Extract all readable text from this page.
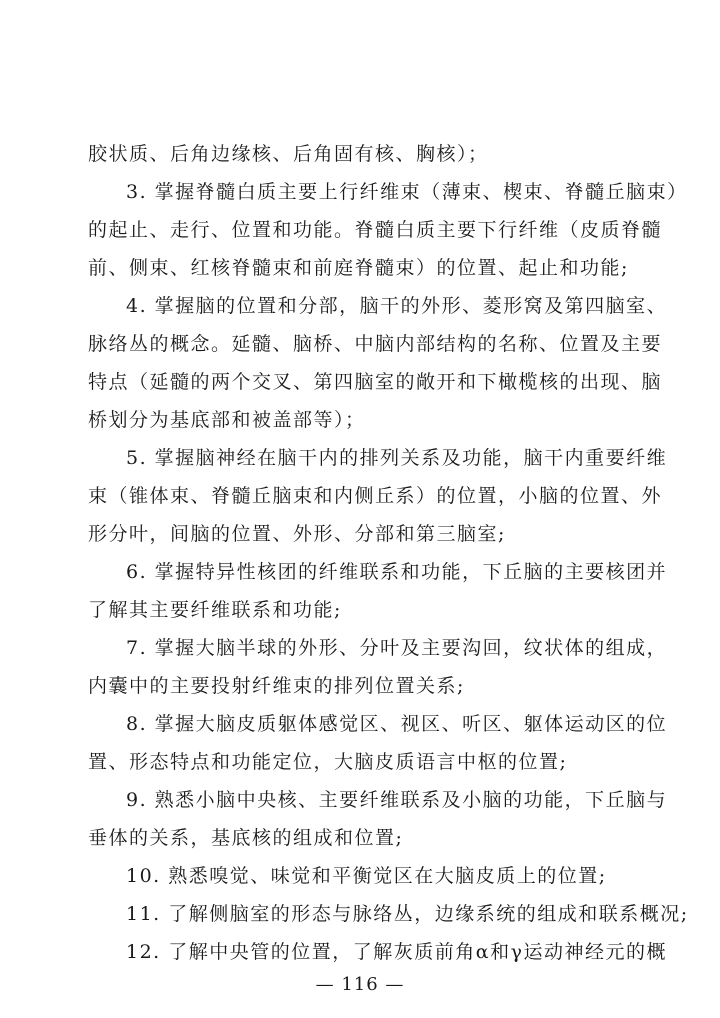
胶状质、后角边缘核、后角固有核、胸核）；
3. 掌握脊髓白质主要上行纤维束（薄束、楔束、脊髓丘脑束）
的起止、走行、位置和功能。脊髓白质主要下行纤维（皮质脊髓
前、侧束、红核脊髓束和前庭脊髓束）的位置、起止和功能;
4. 掌握脑的位置和分部，脑干的外形、菱形窝及第四脑室、
脉络丛的概念。延髓、脑桥、中脑内部结构的名称、位置及主要
特点（延髓的两个交叉、第四脑室的敞开和下橄榄核的出现、脑
桥划分为基底部和被盖部等）；
5. 掌握脑神经在脑干内的排列关系及功能，脑干内重要纤维
束（锥体束、脊髓丘脑束和内侧丘系）的位置，小脑的位置、外
形分叶，间脑的位置、外形、分部和第三脑室;
6. 掌握特异性核团的纤维联系和功能，下丘脑的主要核团并
了解其主要纤维联系和功能;
7. 掌握大脑半球的外形、分叶及主要沟回，纹状体的组成，
内囊中的主要投射纤维束的排列位置关系;
8. 掌握大脑皮质躯体感觉区、视区、听区、躯体运动区的位
置、形态特点和功能定位，大脑皮质语言中枢的位置;
9. 熟悉小脑中央核、主要纤维联系及小脑的功能，下丘脑与
垂体的关系，基底核的组成和位置;
10. 熟悉嗅觉、味觉和平衡觉区在大脑皮质上的位置;
11. 了解侧脑室的形态与脉络丛，边缘系统的组成和联系概况;
12. 了解中央管的位置，了解灰质前角α和γ运动神经元的概
— 116 —
